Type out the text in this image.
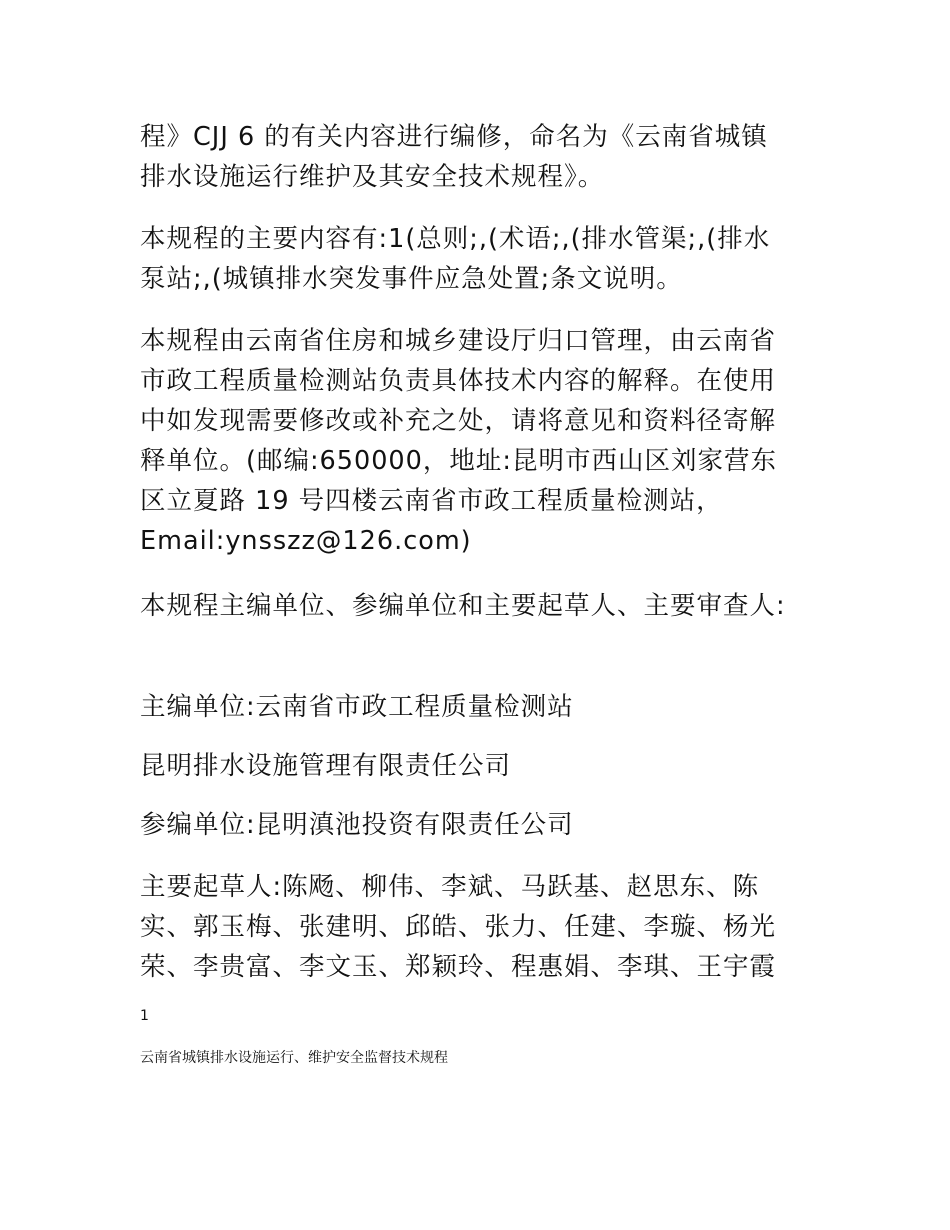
程》CJJ 6 的有关内容进行编修，命名为《云南省城镇
排水设施运行维护及其安全技术规程》。
本规程的主要内容有:1(总则;,(术语;,(排水管渠;,(排水
泵站;,(城镇排水突发事件应急处置;条文说明。
本规程由云南省住房和城乡建设厅归口管理，由云南省
市政工程质量检测站负责具体技术内容的解释。在使用
中如发现需要修改或补充之处，请将意见和资料径寄解
释单位。(邮编:650000，地址:昆明市西山区刘家营东
区立夏路 19 号四楼云南省市政工程质量检测站，
Email:ynsszz@126.com)
本规程主编单位、参编单位和主要起草人、主要审查人:
主编单位:云南省市政工程质量检测站
昆明排水设施管理有限责任公司
参编单位:昆明滇池投资有限责任公司
主要起草人:陈飏、柳伟、李斌、马跃基、赵思东、陈
实、郭玉梅、张建明、邱皓、张力、任建、李璇、杨光
荣、李贵富、李文玉、郑颖玲、程惠娟、李琪、王宇霞
1
云南省城镇排水设施运行、维护安全监督技术规程
